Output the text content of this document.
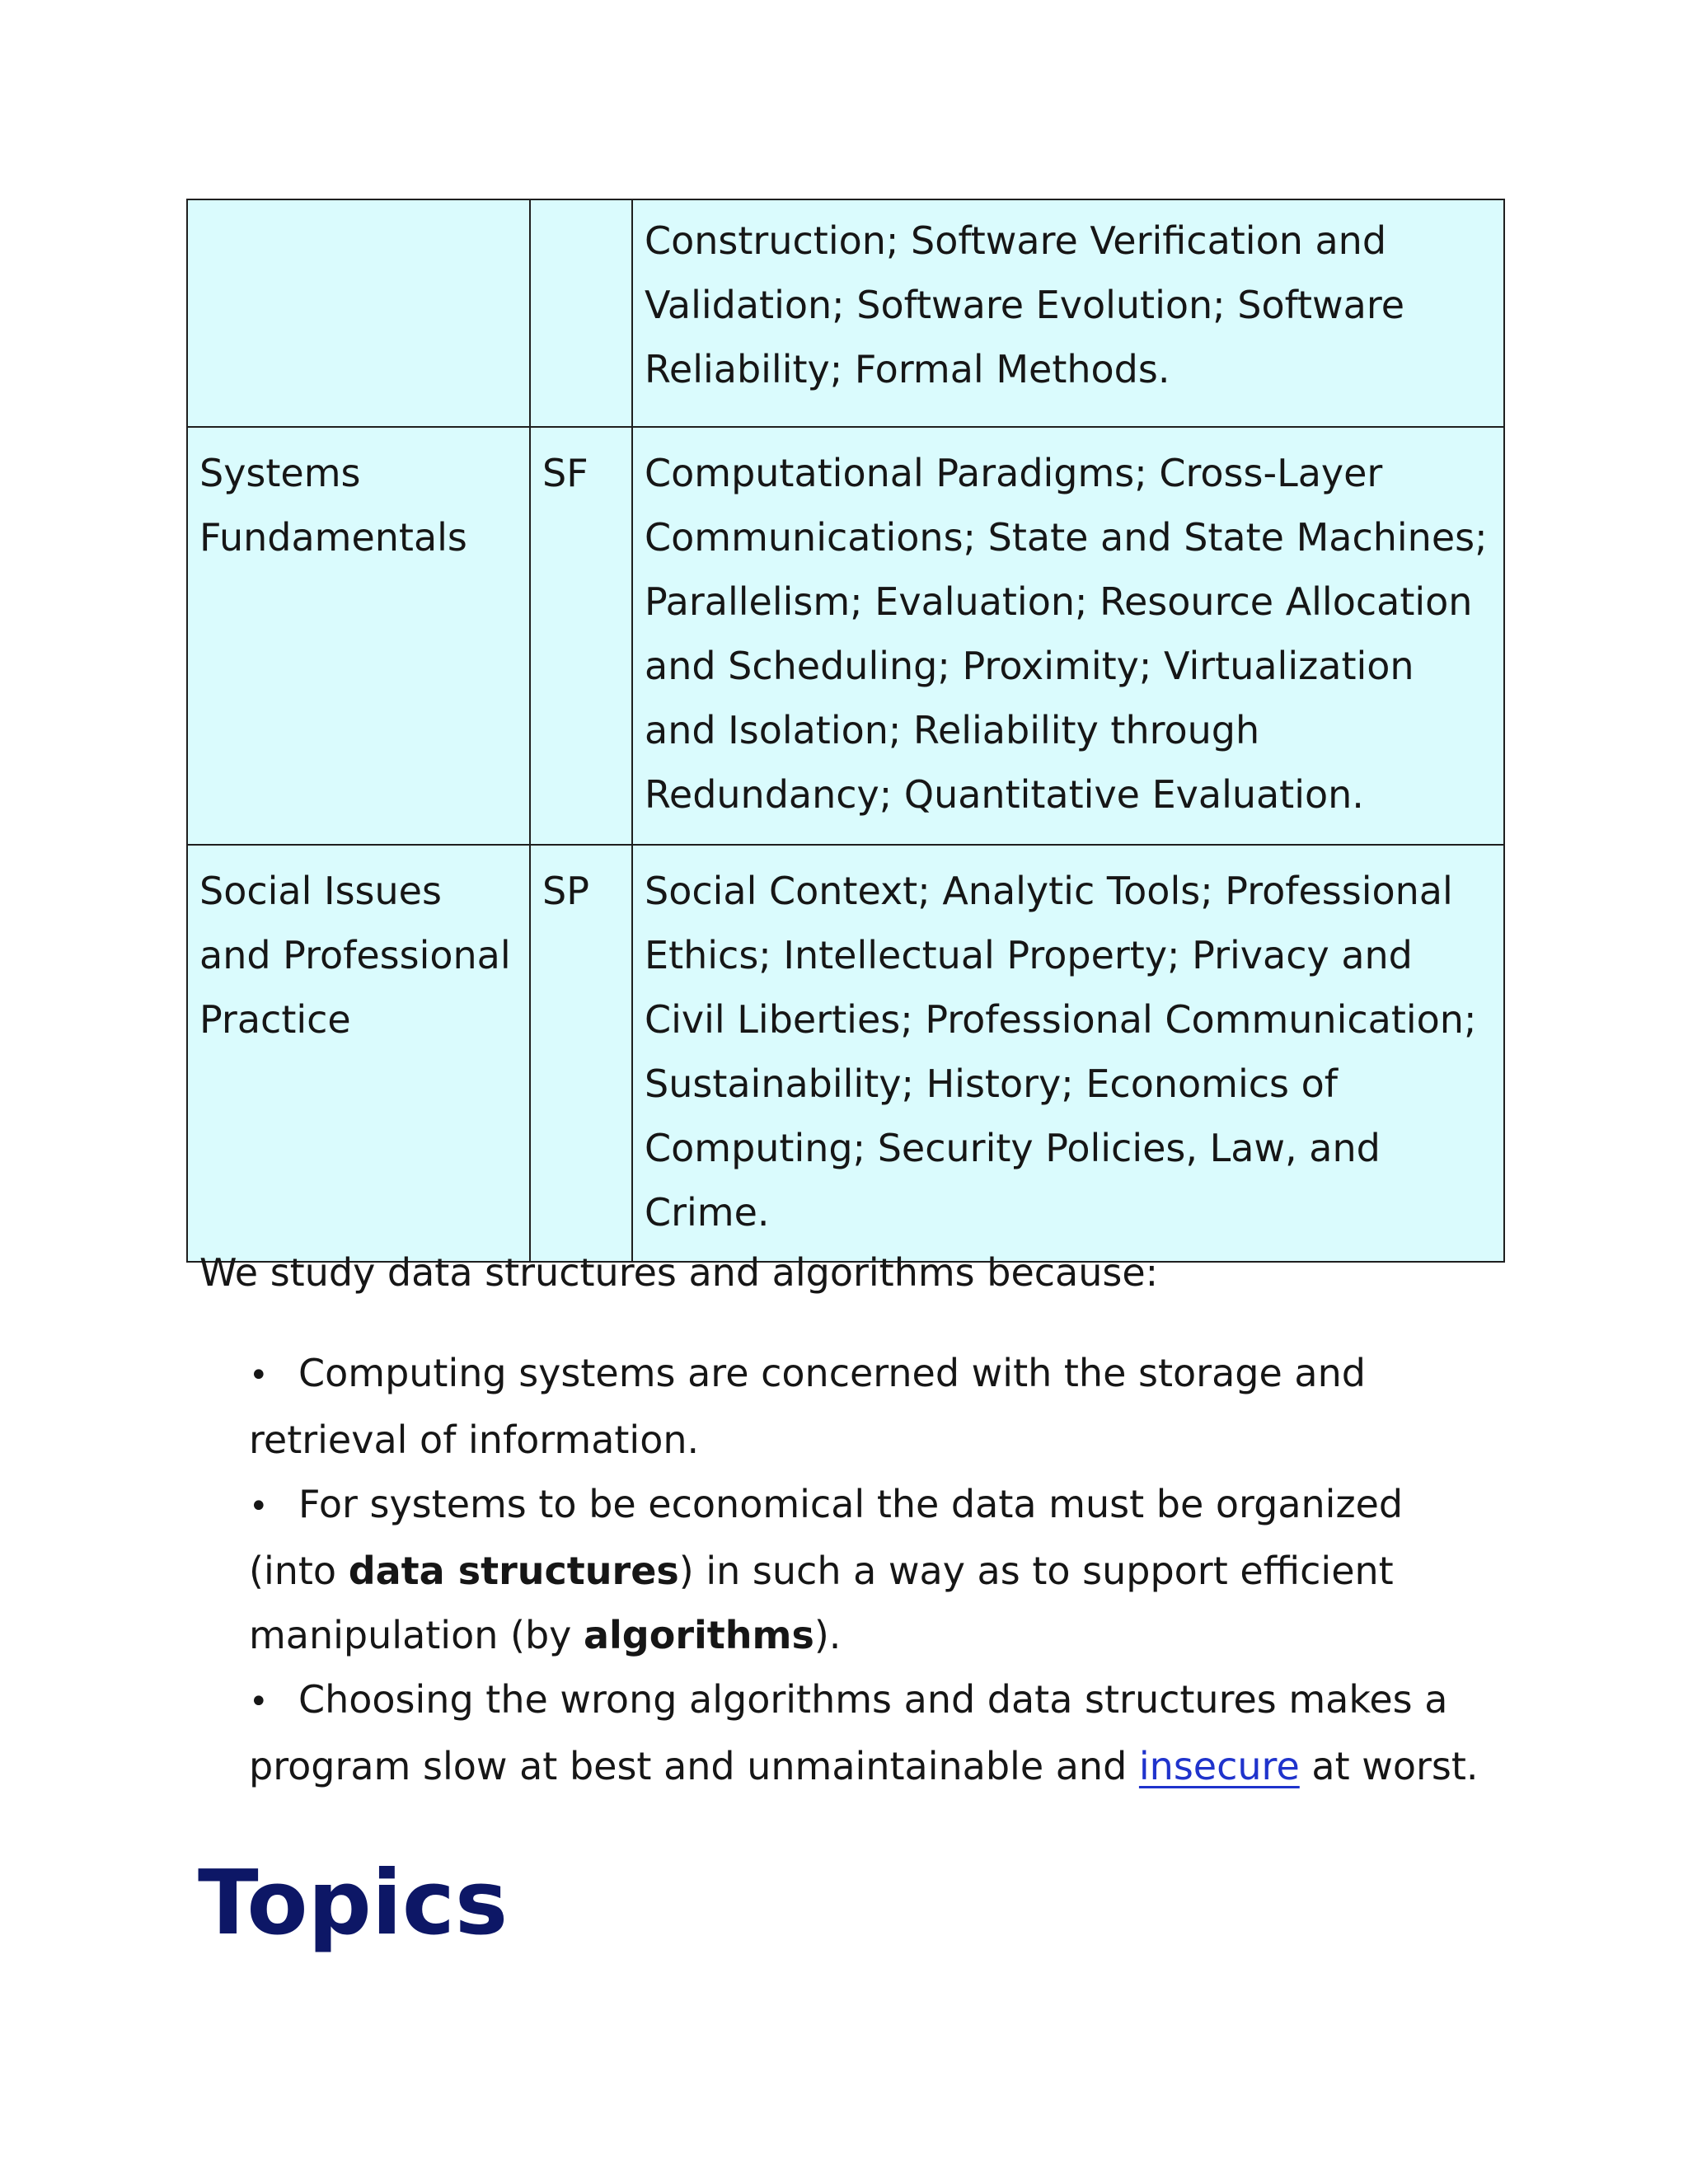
		Construction; Software Verification and Validation; Software Evolution; Software Reliability; Formal Methods.
Systems Fundamentals	SF	Computational Paradigms; Cross-Layer Communications; State and State Machines; Parallelism; Evaluation; Resource Allocation and Scheduling; Proximity; Virtualization and Isolation; Reliability through Redundancy; Quantitative Evaluation.
Social Issues and Professional Practice	SP	Social Context; Analytic Tools; Professional Ethics; Intellectual Property; Privacy and Civil Liberties; Professional Communication; Sustainability; History; Economics of Computing; Security Policies, Law, and Crime.

We study data structures and algorithms because:

• Computing systems are concerned with the storage and retrieval of information.
• For systems to be economical the data must be organized (into data structures) in such a way as to support efficient manipulation (by algorithms).
• Choosing the wrong algorithms and data structures makes a program slow at best and unmaintainable and insecure at worst.
Topics
